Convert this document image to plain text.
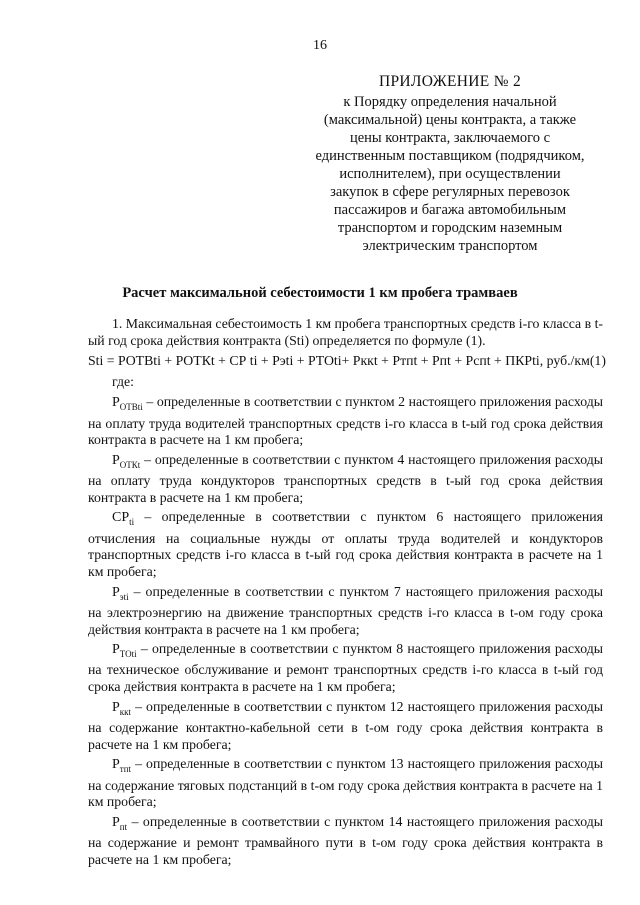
16
ПРИЛОЖЕНИЕ № 2
к Порядку определения начальной
(максимальной) цены контракта, а также
цены контракта, заключаемого с
единственным поставщиком (подрядчиком,
исполнителем), при осуществлении
закупок в сфере регулярных перевозок
пассажиров и багажа автомобильным
транспортом и городским наземным
электрическим транспортом
Расчет максимальной себестоимости 1 км пробега трамваев

1. Максимальная себестоимость 1 км пробега транспортных средств i-го класса в t-ый год срока действия контракта (Sti) определяется по формуле (1).

Sti = PОТВti + PОТКt + СР ti + Pэti + PТОti+ Pккt + Pтпt + Pпt + Pспt + ПКРti, руб./км (1)
где:
$P_{ОТВti}$ – определенные в соответствии с пунктом 2 настоящего приложения расходы на оплату труда водителей транспортных средств i-го класса в t-ый год срока действия контракта в расчете на 1 км пробега;
$P_{ОТКt}$ – определенные в соответствии с пунктом 4 настоящего приложения расходы на оплату труда кондукторов транспортных средств в t-ый год срока действия контракта в расчете на 1 км пробега;
$СР_{ti}$ – определенные в соответствии с пунктом 6 настоящего приложения отчисления на социальные нужды от оплаты труда водителей и кондукторов транспортных средств i-го класса в t-ый год срока действия контракта в расчете на 1 км пробега;
$P_{эti}$ – определенные в соответствии с пунктом 7 настоящего приложения расходы на электроэнергию на движение транспортных средств i-го класса в t-ом году срока действия контракта в расчете на 1 км пробега;
$P_{ТОti}$ – определенные в соответствии с пунктом 8 настоящего приложения расходы на техническое обслуживание и ремонт транспортных средств i-го класса в t-ый год срока действия контракта в расчете на 1 км пробега;
$P_{ккt}$ – определенные в соответствии с пунктом 12 настоящего приложения расходы на содержание контактно-кабельной сети в t-ом году срока действия контракта в расчете на 1 км пробега;
$P_{тпt}$ – определенные в соответствии с пунктом 13 настоящего приложения расходы на содержание тяговых подстанций в t-ом году срока действия контракта в расчете на 1 км пробега;
$P_{пt}$ – определенные в соответствии с пунктом 14 настоящего приложения расходы на содержание и ремонт трамвайного пути в t-ом году срока действия контракта в расчете на 1 км пробега;
